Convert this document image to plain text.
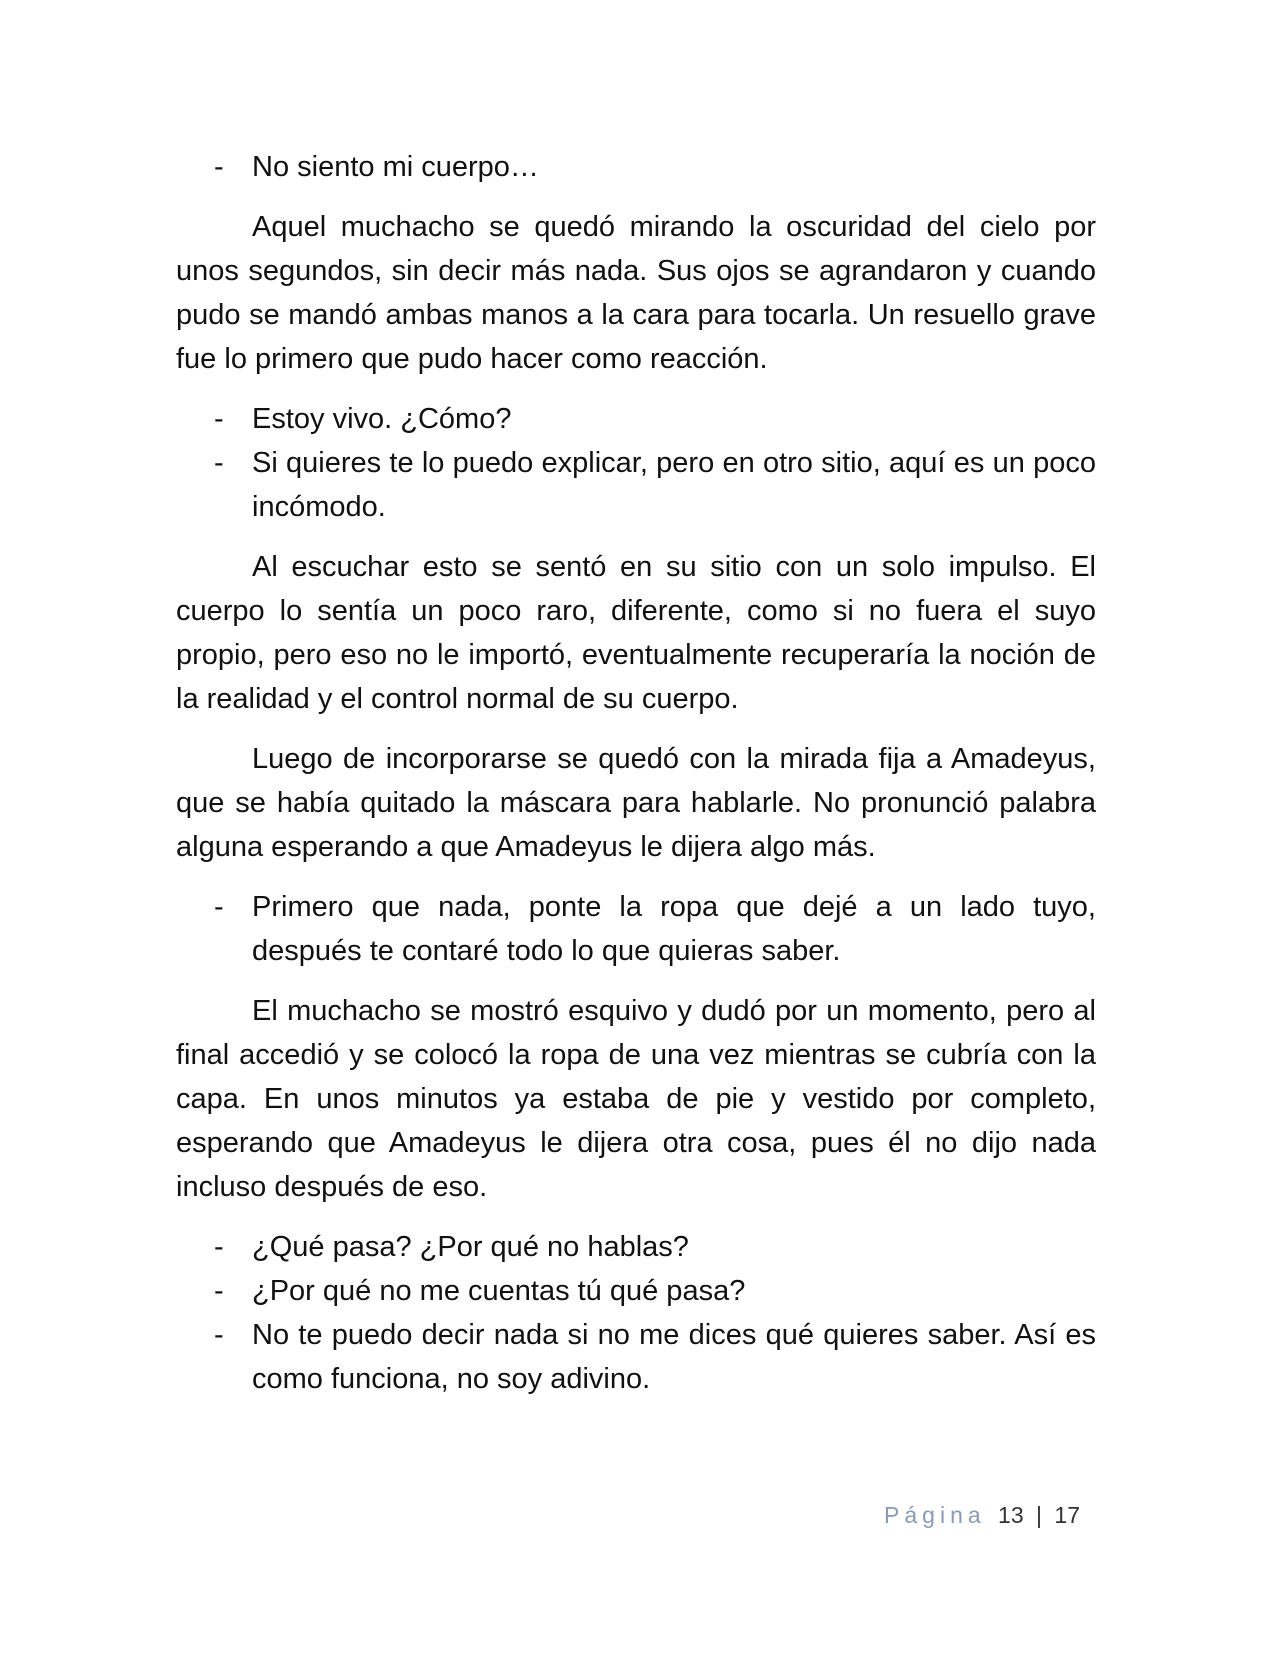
- No siento mi cuerpo…

Aquel muchacho se quedó mirando la oscuridad del cielo por unos segundos, sin decir más nada. Sus ojos se agrandaron y cuando pudo se mandó ambas manos a la cara para tocarla. Un resuello grave fue lo primero que pudo hacer como reacción.

- Estoy vivo. ¿Cómo?
- Si quieres te lo puedo explicar, pero en otro sitio, aquí es un poco incómodo.

Al escuchar esto se sentó en su sitio con un solo impulso. El cuerpo lo sentía un poco raro, diferente, como si no fuera el suyo propio, pero eso no le importó, eventualmente recuperaría la noción de la realidad y el control normal de su cuerpo.

Luego de incorporarse se quedó con la mirada fija a Amadeyus, que se había quitado la máscara para hablarle. No pronunció palabra alguna esperando a que Amadeyus le dijera algo más.

- Primero que nada, ponte la ropa que dejé a un lado tuyo, después te contaré todo lo que quieras saber.

El muchacho se mostró esquivo y dudó por un momento, pero al final accedió y se colocó la ropa de una vez mientras se cubría con la capa. En unos minutos ya estaba de pie y vestido por completo, esperando que Amadeyus le dijera otra cosa, pues él no dijo nada incluso después de eso.

- ¿Qué pasa? ¿Por qué no hablas?
- ¿Por qué no me cuentas tú qué pasa?
- No te puedo decir nada si no me dices qué quieres saber. Así es como funciona, no soy adivino.
Página 13 | 17
